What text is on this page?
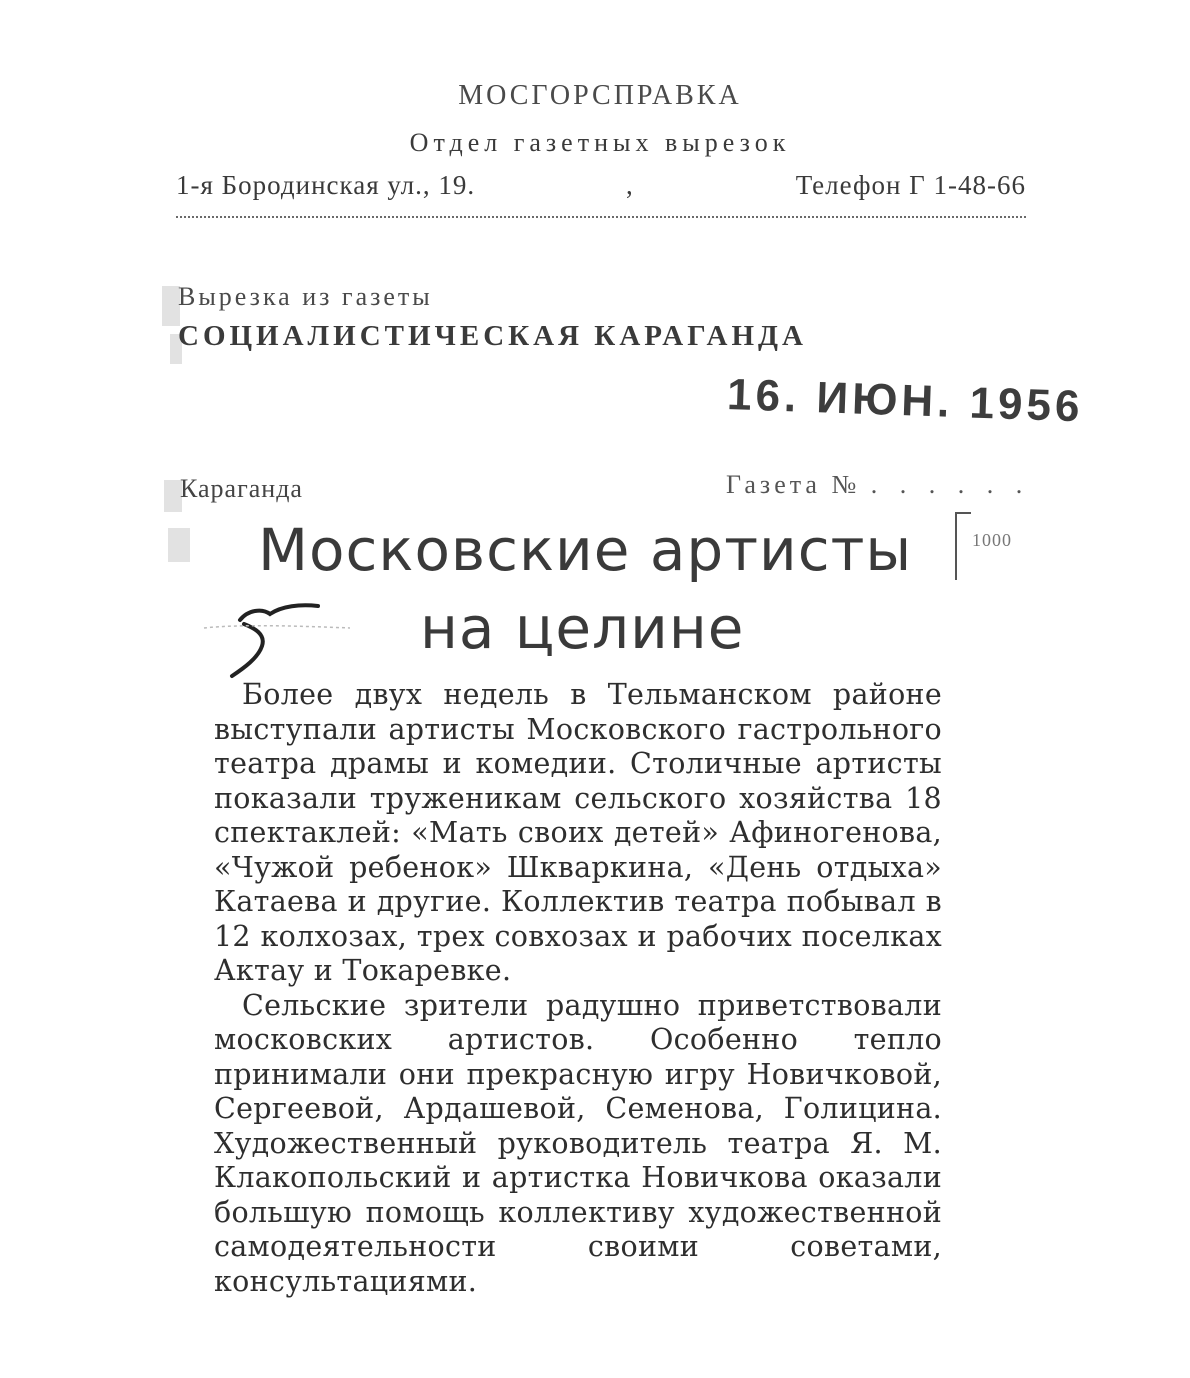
МОСГОРСПРАВКА
Отдел газетных вырезок
1-я Бородинская ул., 19.	,	Телефон Г 1-48-66
Вырезка из газеты
СОЦИАЛИСТИЧЕСКАЯ КАРАГАНДА
16. ИЮН. 1956
Караганда	Газета № . . . . . .
1000
Московские артисты
на целине

Более двух недель в Тельманском районе выступали артисты Московского гастрольного театра драмы и комедии. Столичные артисты показали труженикам сельского хозяйства 18 спектаклей: «Мать своих детей» Афиногенова, «Чужой ребенок» Шкваркина, «День отдыха» Катаева и другие. Коллектив театра побывал в 12 колхозах, трех совхозах и рабочих поселках Актау и Токаревке.

Сельские зрители радушно приветствовали московских артистов. Особенно тепло принимали они прекрасную игру Новичковой, Сергеевой, Ардашевой, Семенова, Голицина. Художественный руководитель театра Я. М. Клакопольский и артистка Новичкова оказали большую помощь коллективу художественной самодеятельности своими советами, консультациями.
